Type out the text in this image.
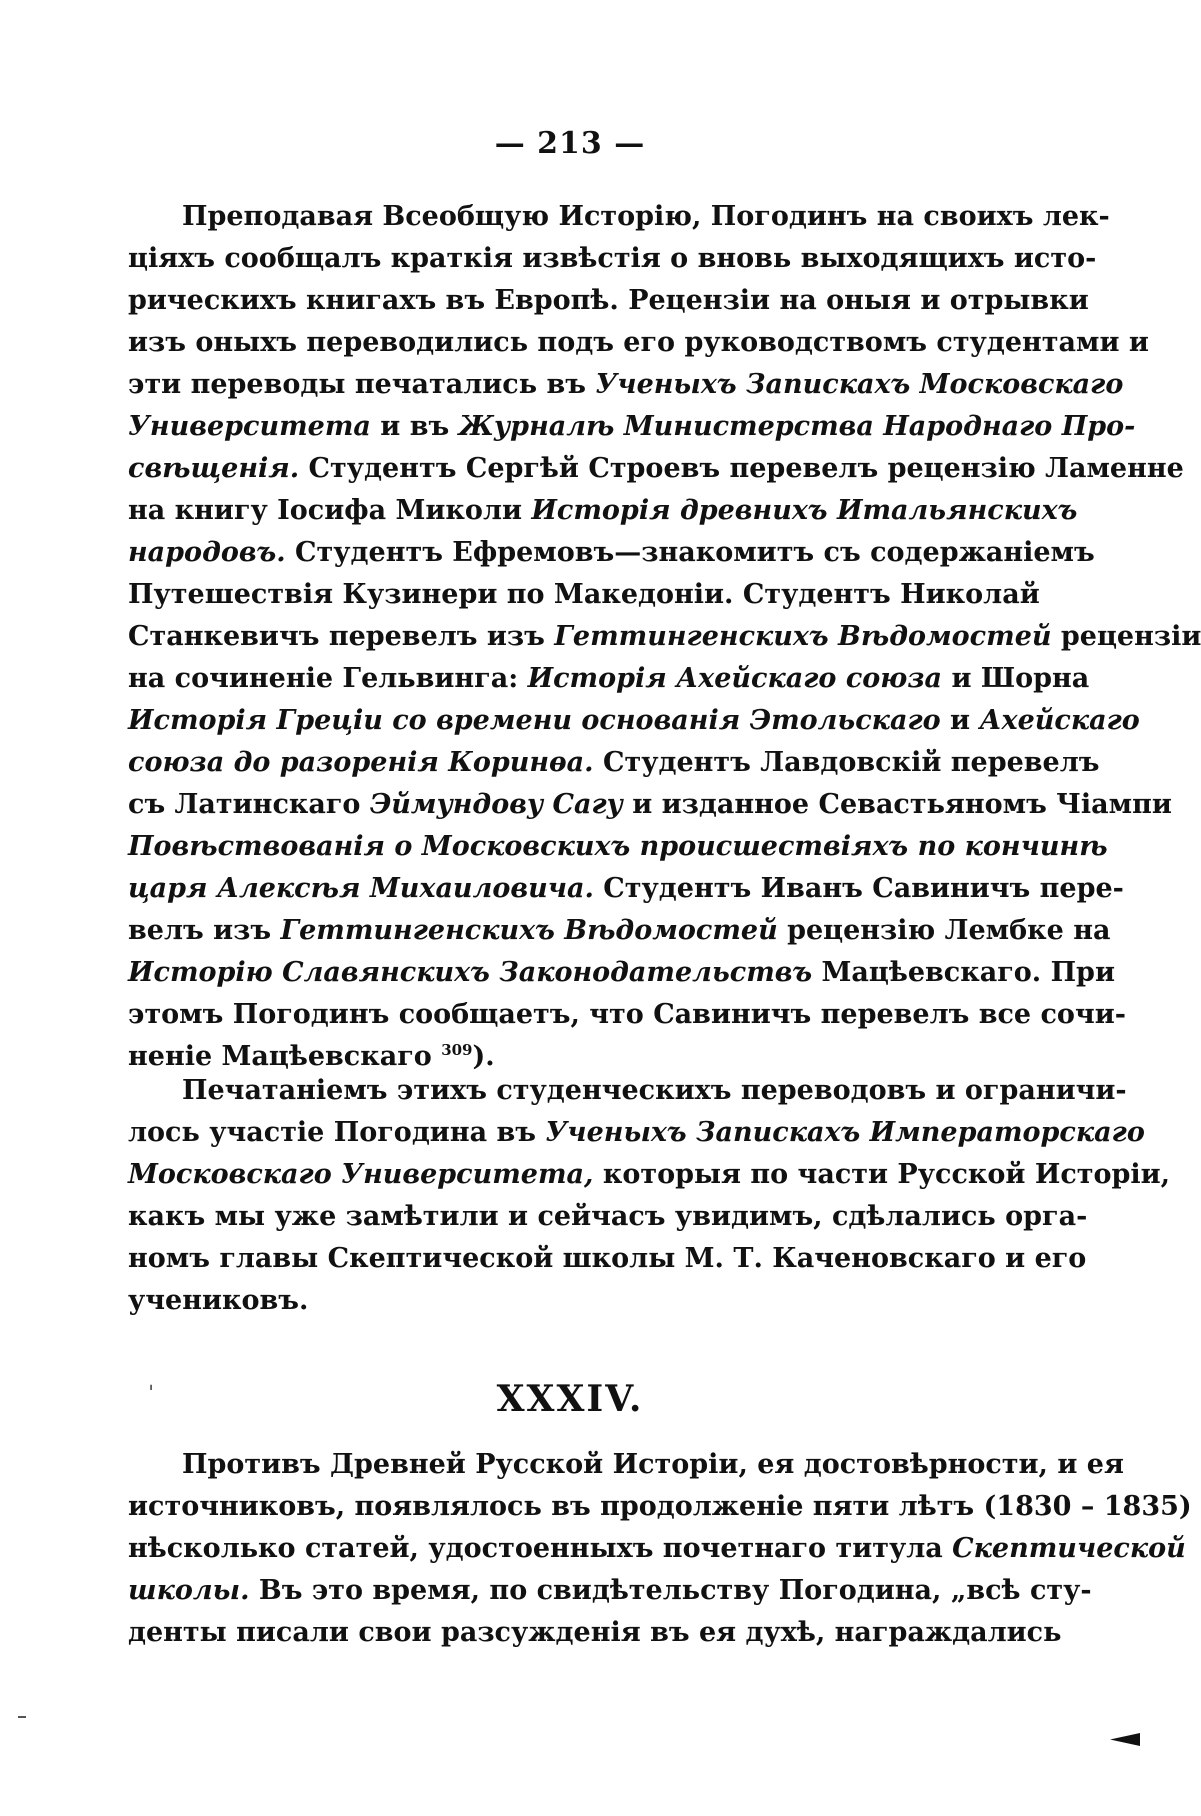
— 213 —
Преподавая Всеобщую Исторію, Погодинъ на своихъ лек-
ціяхъ сообщалъ краткія извѣстія о вновь выходящихъ исто-
рическихъ книгахъ въ Европѣ. Рецензіи на оныя и отрывки
изъ оныхъ переводились подъ его руководствомъ студентами и
эти переводы печатались въ Ученыхъ Запискахъ Московскаго
Университета и въ Журналѣ Министерства Народнаго Про-
свѣщенія. Студентъ Сергѣй Строевъ перевелъ рецензію Ламенне
на книгу Іосифа Миколи Исторія древнихъ Итальянскихъ
народовъ. Студентъ Ефремовъ—знакомитъ съ содержаніемъ
Путешествія Кузинери по Македоніи. Студентъ Николай
Станкевичъ перевелъ изъ Геттингенскихъ Вѣдомостей рецензіи
на сочиненіе Гельвинга: Исторія Ахейскаго союза и Шорна
Исторія Греціи со времени основанія Этольскаго и Ахейскаго
союза до разоренія Коринѳа. Студентъ Лавдовскій перевелъ
съ Латинскаго Эймундову Сагу и изданное Севастьяномъ Чіампи
Повѣствованія о Московскихъ происшествіяхъ по кончинѣ
царя Алексѣя Михаиловича. Студентъ Иванъ Савиничъ пере-
велъ изъ Геттингенскихъ Вѣдомостей рецензію Лембке на
Исторію Славянскихъ Законодательствъ Мацѣевскаго. При
этомъ Погодинъ сообщаетъ, что Савиничъ перевелъ все сочи-
неніе Мацѣевскаго $^{309}$).
Печатаніемъ этихъ студенческихъ переводовъ и ограничи-
лось участіе Погодина въ Ученыхъ Запискахъ Императорскаго
Московскаго Университета, которыя по части Русской Исторіи,
какъ мы уже замѣтили и сейчасъ увидимъ, сдѣлались орга-
номъ главы Скептической школы М. Т. Каченовскаго и его
учениковъ.
XXXIV.
Противъ Древней Русской Исторіи, ея достовѣрности, и ея
источниковъ, появлялось въ продолженіе пяти лѣтъ (1830 – 1835)
нѣсколько статей, удостоенныхъ почетнаго титула Скептической
школы. Въ это время, по свидѣтельству Погодина, „всѣ сту-
денты писали свои разсужденія въ ея духѣ, награждались
ˌ
